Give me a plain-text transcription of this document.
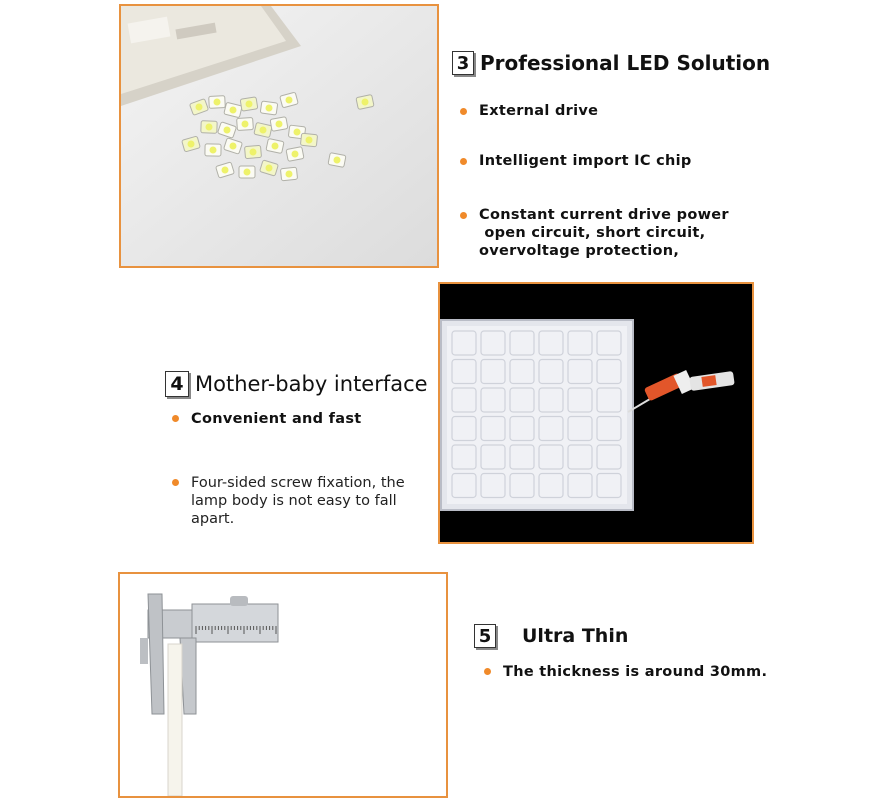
3 Professional LED Solution
External drive
Intelligent import IC chip
Constant current drive power
open circuit, short circuit,
overvoltage protection,
4 Mother-baby interface
Convenient and fast
Four-sided screw fixation, the
lamp body is not easy to fall
apart.
5 Ultra Thin
The thickness is around 30mm.
